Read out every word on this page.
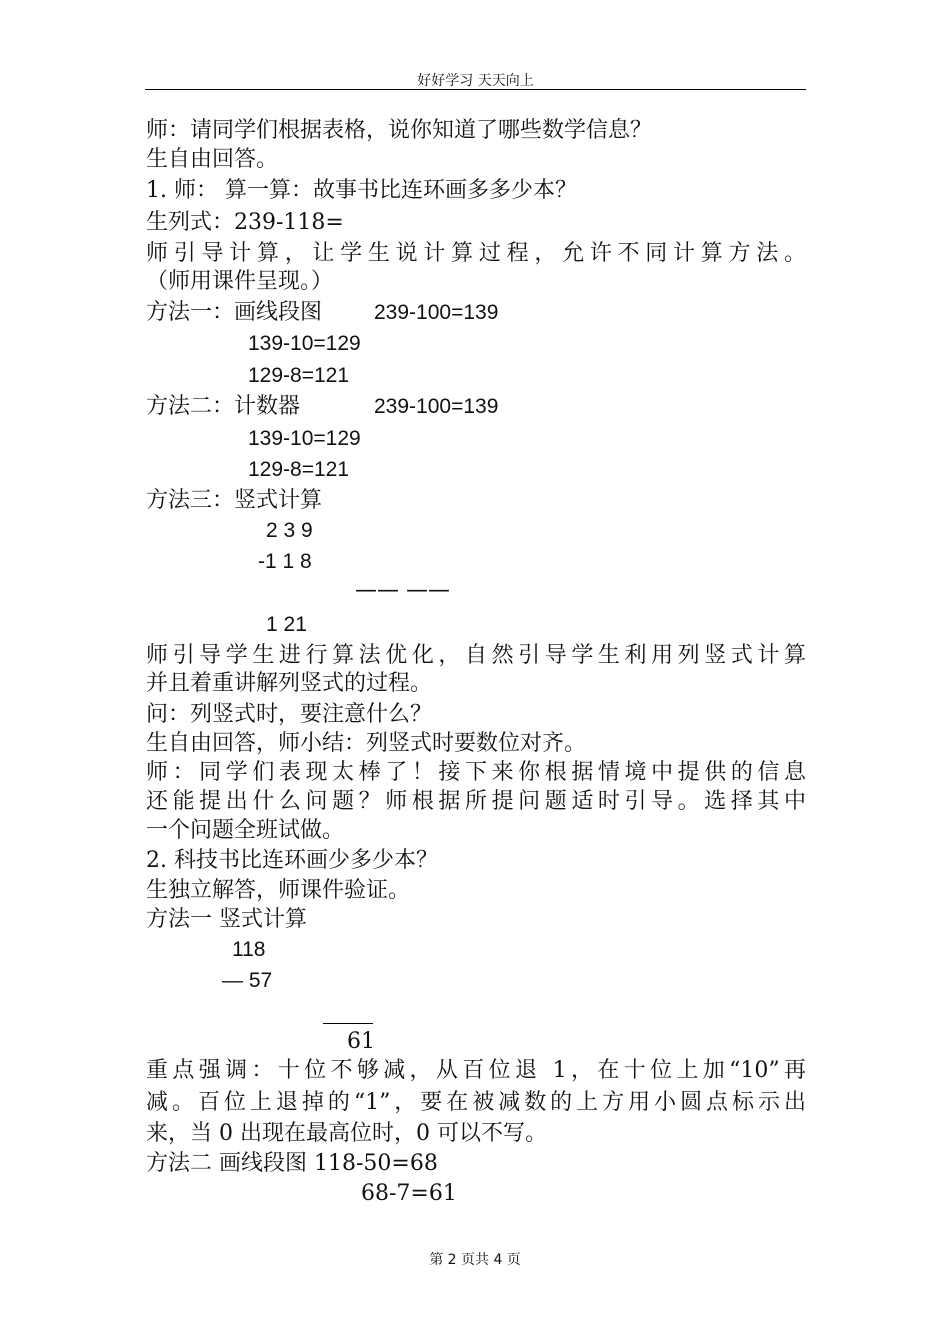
好好学习 天天向上
师：请同学们根据表格，说你知道了哪些数学信息？
生自由回答。
1. 师： 算一算：故事书比连环画多多少本？
生列式：239-118=
师引导计算，让学生说计算过程，允许不同计算方法。
（师用课件呈现。）
方法一：画线段图 239-100=139
139-10=129
129-8=121
方法二：计数器	239-100=139
139-10=129
129-8=121
方法三：竖式计算
2 3 9
-1 1 8
—— ——
1 21
师引导学生进行算法优化，自然引导学生利用列竖式计算
并且着重讲解列竖式的过程。
问：列竖式时，要注意什么？
生自由回答，师小结：列竖式时要数位对齐。
师：同学们表现太棒了！接下来你根据情境中提供的信息
还能提出什么问题？师根据所提问题适时引导。选择其中
一个问题全班试做。
2. 科技书比连环画少多少本？
生独立解答，师课件验证。
方法一 竖式计算
118
— 57
61
重点强调：十位不够减，从百位退 1，在十位上加“10”再
减。百位上退掉的“1”，要在被减数的上方用小圆点标示出
来，当 0 出现在最高位时，0 可以不写。
方法二 画线段图 118-50=68
68-7=61
第 2 页共 4 页
